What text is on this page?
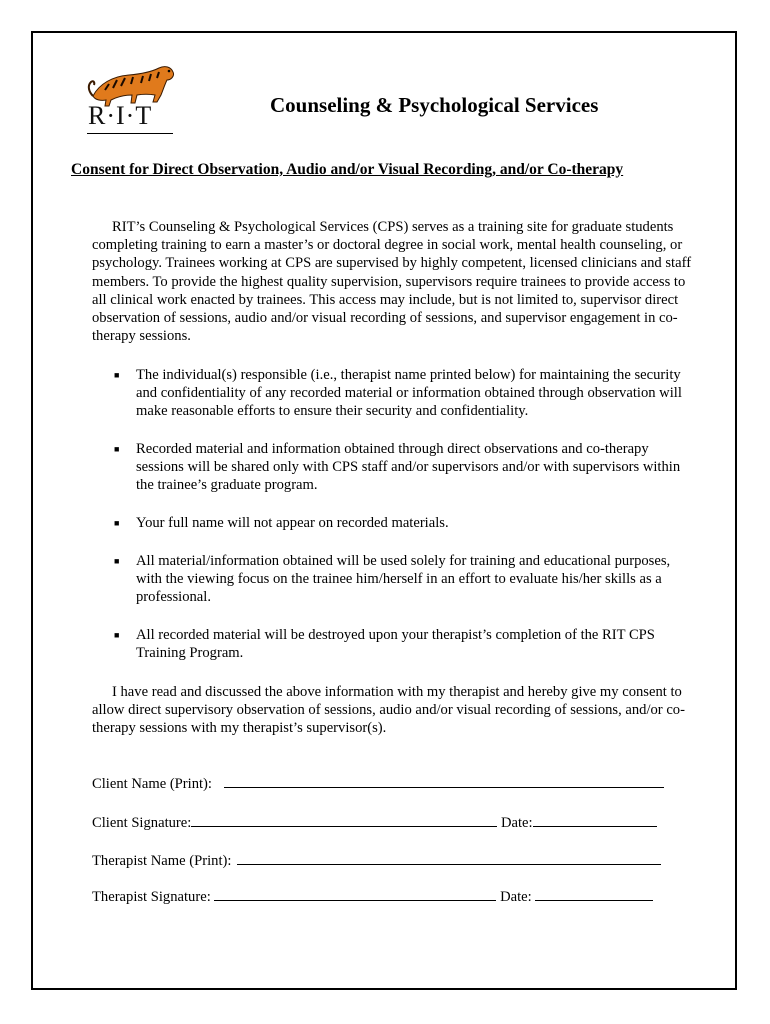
R·I·T	Counseling & Psychological Services
Consent for Direct Observation, Audio and/or Visual Recording, and/or Co-therapy
RIT’s Counseling & Psychological Services (CPS) serves as a training site for graduate students completing training to earn a master’s or doctoral degree in social work, mental health counseling, or psychology. Trainees working at CPS are supervised by highly competent, licensed clinicians and staff members. To provide the highest quality supervision, supervisors require trainees to provide access to all clinical work enacted by trainees. This access may include, but is not limited to, supervisor direct observation of sessions, audio and/or visual recording of sessions, and supervisor engagement in co-therapy sessions.
■ The individual(s) responsible (i.e., therapist name printed below) for maintaining the security and confidentiality of any recorded material or information obtained through observation will make reasonable efforts to ensure their security and confidentiality.
■ Recorded material and information obtained through direct observations and co-therapy sessions will be shared only with CPS staff and/or supervisors and/or with supervisors within the trainee’s graduate program.
■ Your full name will not appear on recorded materials.
■ All material/information obtained will be used solely for training and educational purposes, with the viewing focus on the trainee him/herself in an effort to evaluate his/her skills as a professional.
■ All recorded material will be destroyed upon your therapist’s completion of the RIT CPS Training Program.
I have read and discussed the above information with my therapist and hereby give my consent to allow direct supervisory observation of sessions, audio and/or visual recording of sessions, and/or co-therapy sessions with my therapist’s supervisor(s).
Client Name (Print):
Client Signature:	Date:
Therapist Name (Print):
Therapist Signature:	Date:
